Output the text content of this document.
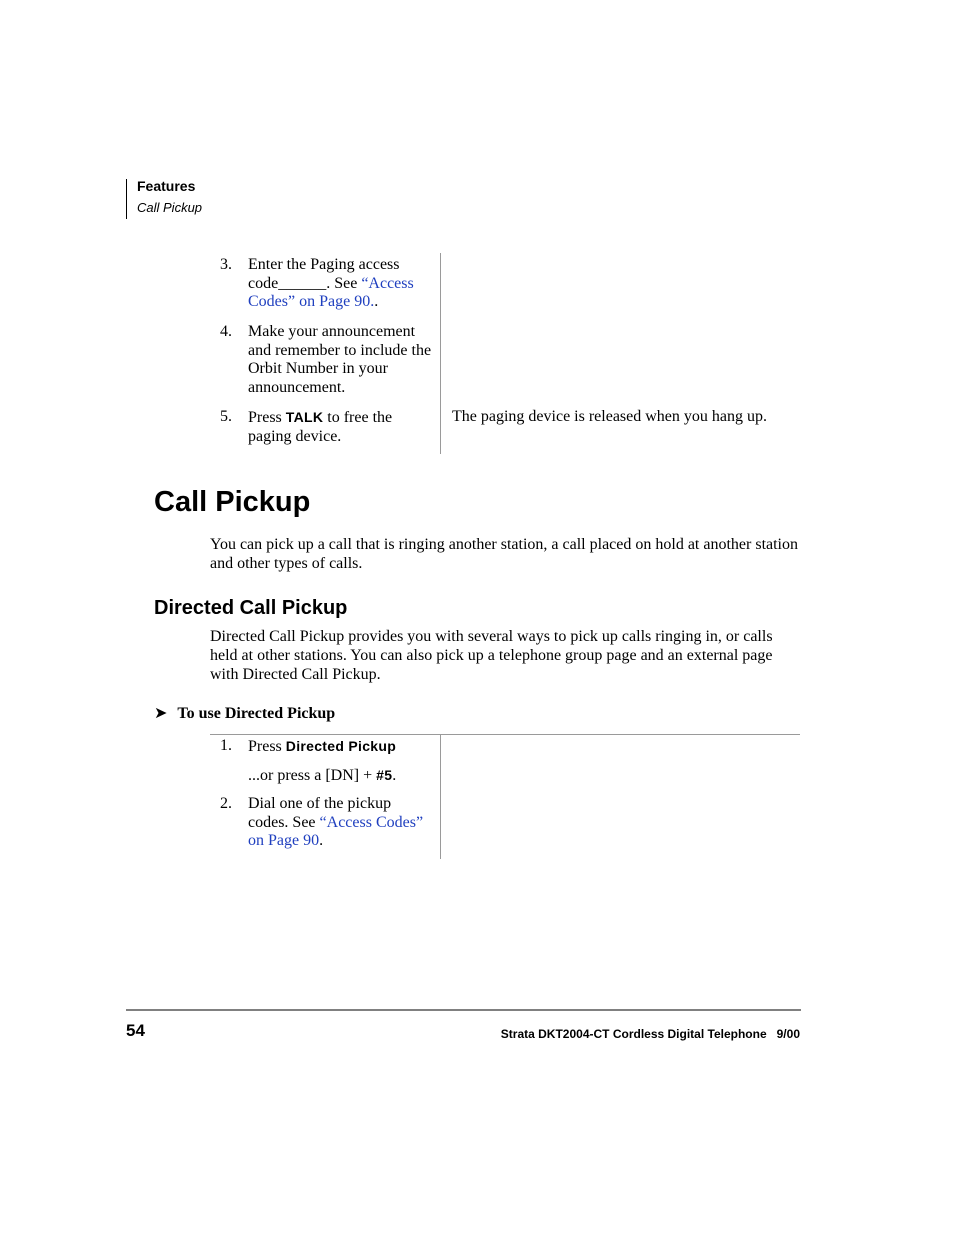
Features
Call Pickup
3. Enter the Paging access code______. See “Access Codes” on Page 90..
4. Make your announcement and remember to include the Orbit Number in your announcement.
5. Press TALK to free the paging device.
The paging device is released when you hang up.
Call Pickup
You can pick up a call that is ringing another station, a call placed on hold at another station and other types of calls.
Directed Call Pickup
Directed Call Pickup provides you with several ways to pick up calls ringing in, or calls held at other stations. You can also pick up a telephone group page and an external page with Directed Call Pickup.
➤ To use Directed Pickup
1. Press Directed Pickup
...or press a [DN] + #5.
2. Dial one of the pickup codes. See “Access Codes” on Page 90.
54	Strata DKT2004-CT Cordless Digital Telephone   9/00
